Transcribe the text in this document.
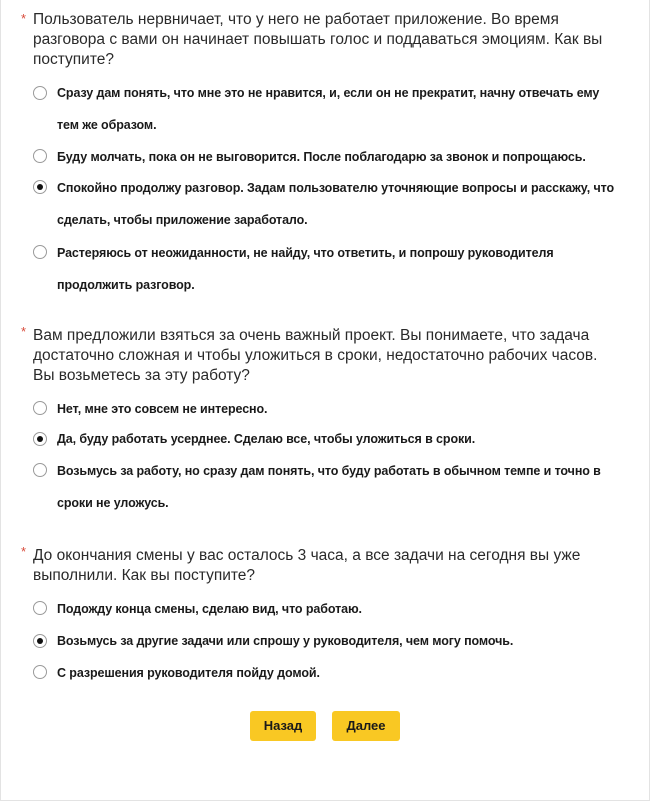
* Пользователь нервничает, что у него не работает приложение. Во время разговора с вами он начинает повышать голос и поддаваться эмоциям. Как вы поступите?

Сразу дам понять, что мне это не нравится, и, если он не прекратит, начну отвечать ему тем же образом.
Буду молчать, пока он не выговорится. После поблагодарю за звонок и попрощаюсь.
Спокойно продолжу разговор. Задам пользователю уточняющие вопросы и расскажу, что сделать, чтобы приложение заработало.
Растеряюсь от неожиданности, не найду, что ответить, и попрошу руководителя продолжить разговор.
* Вам предложили взяться за очень важный проект. Вы понимаете, что задача достаточно сложная и чтобы уложиться в сроки, недостаточно рабочих часов. Вы возьметесь за эту работу?

Нет, мне это совсем не интересно.
Да, буду работать усерднее. Сделаю все, чтобы уложиться в сроки.
Возьмусь за работу, но сразу дам понять, что буду работать в обычном темпе и точно в сроки не уложусь.
* До окончания смены у вас осталось 3 часа, а все задачи на сегодня вы уже выполнили. Как вы поступите?

Подожду конца смены, сделаю вид, что работаю.
Возьмусь за другие задачи или спрошу у руководителя, чем могу помочь.
С разрешения руководителя пойду домой.
Назад	Далее
